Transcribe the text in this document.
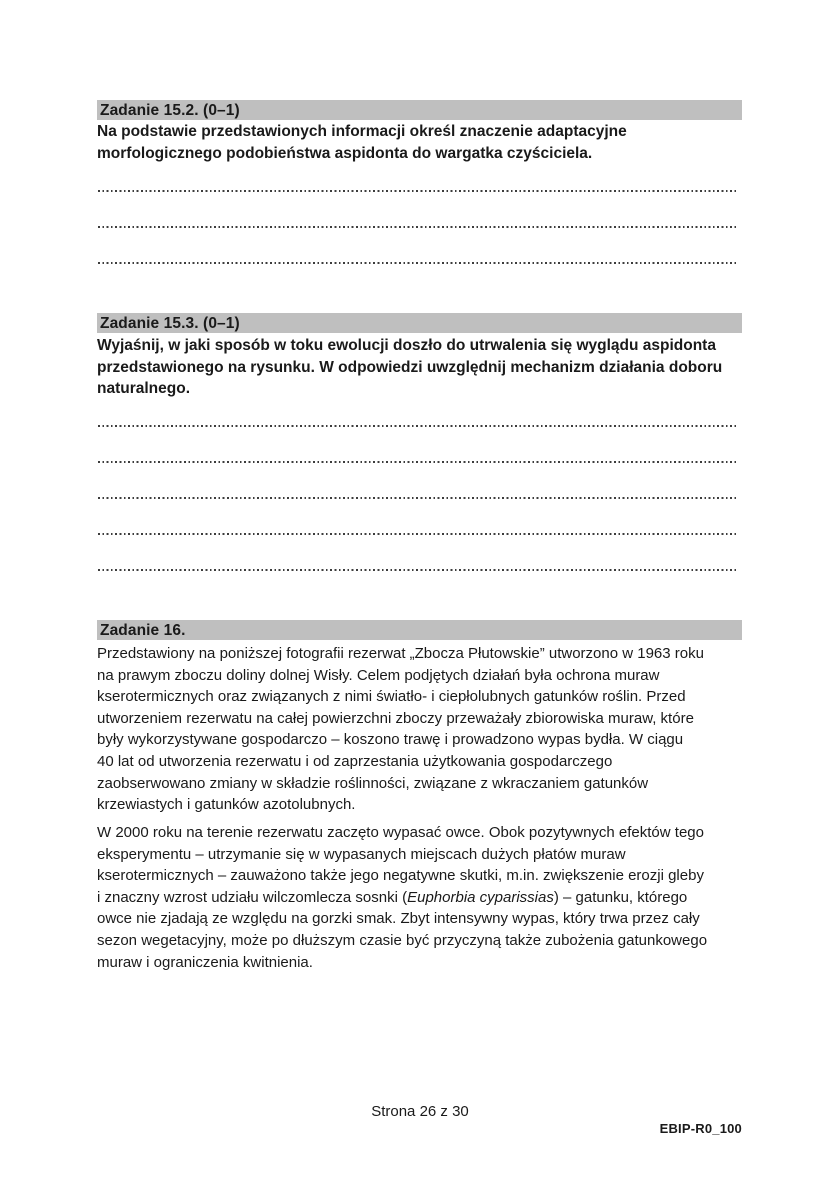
Zadanie 15.2. (0–1)
Na podstawie przedstawionych informacji określ znaczenie adaptacyjne
morfologicznego podobieństwa aspidonta do wargatka czyściciela.
Zadanie 15.3. (0–1)
Wyjaśnij, w jaki sposób w toku ewolucji doszło do utrwalenia się wyglądu aspidonta
przedstawionego na rysunku. W odpowiedzi uwzględnij mechanizm działania doboru
naturalnego.
Zadanie 16.
Przedstawiony na poniższej fotografii rezerwat „Zbocza Płutowskie” utworzono w 1963 roku
na prawym zboczu doliny dolnej Wisły. Celem podjętych działań była ochrona muraw
kserotermicznych oraz związanych z nimi światło- i ciepłolubnych gatunków roślin. Przed
utworzeniem rezerwatu na całej powierzchni zboczy przeważały zbiorowiska muraw, które
były wykorzystywane gospodarczo – koszono trawę i prowadzono wypas bydła. W ciągu
40 lat od utworzenia rezerwatu i od zaprzestania użytkowania gospodarczego
zaobserwowano zmiany w składzie roślinności, związane z wkraczaniem gatunków
krzewiastych i gatunków azotolubnych.
W 2000 roku na terenie rezerwatu zaczęto wypasać owce. Obok pozytywnych efektów tego
eksperymentu – utrzymanie się w wypasanych miejscach dużych płatów muraw
kserotermicznych – zauważono także jego negatywne skutki, m.in. zwiększenie erozji gleby
i znaczny wzrost udziału wilczomlecza sosnki (Euphorbia cyparissias) – gatunku, którego
owce nie zjadają ze względu na gorzki smak. Zbyt intensywny wypas, który trwa przez cały
sezon wegetacyjny, może po dłuższym czasie być przyczyną także zubożenia gatunkowego
muraw i ograniczenia kwitnienia.
Strona 26 z 30
EBIP-R0_100
